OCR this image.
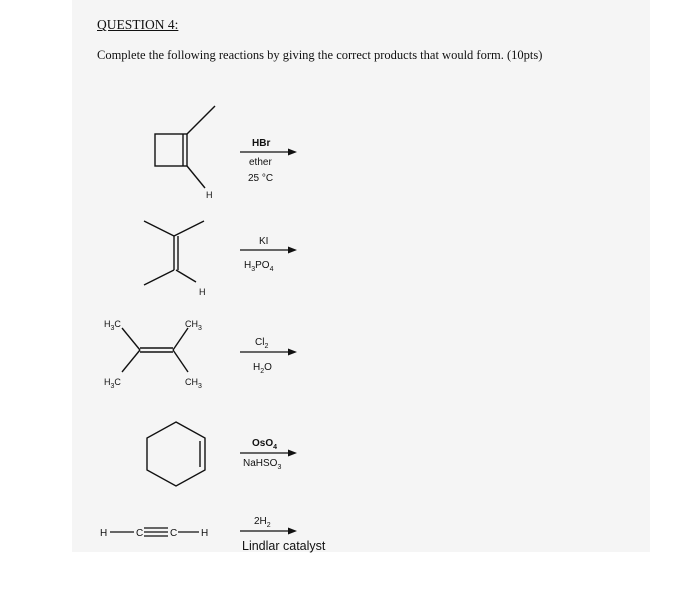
QUESTION 4:

Complete the following reactions by giving the correct products that would form. (10pts)

H
H
$H_3C$	$CH_3$
$H_3C$	$CH_3$
H	C	C H
HBr
ether
25 °C
KI
$H_3PO_4$
$Cl_2$
$H_2O$
OsO$_4$
NaHSO$_3$
$2H_2$
Lindlar catalyst
